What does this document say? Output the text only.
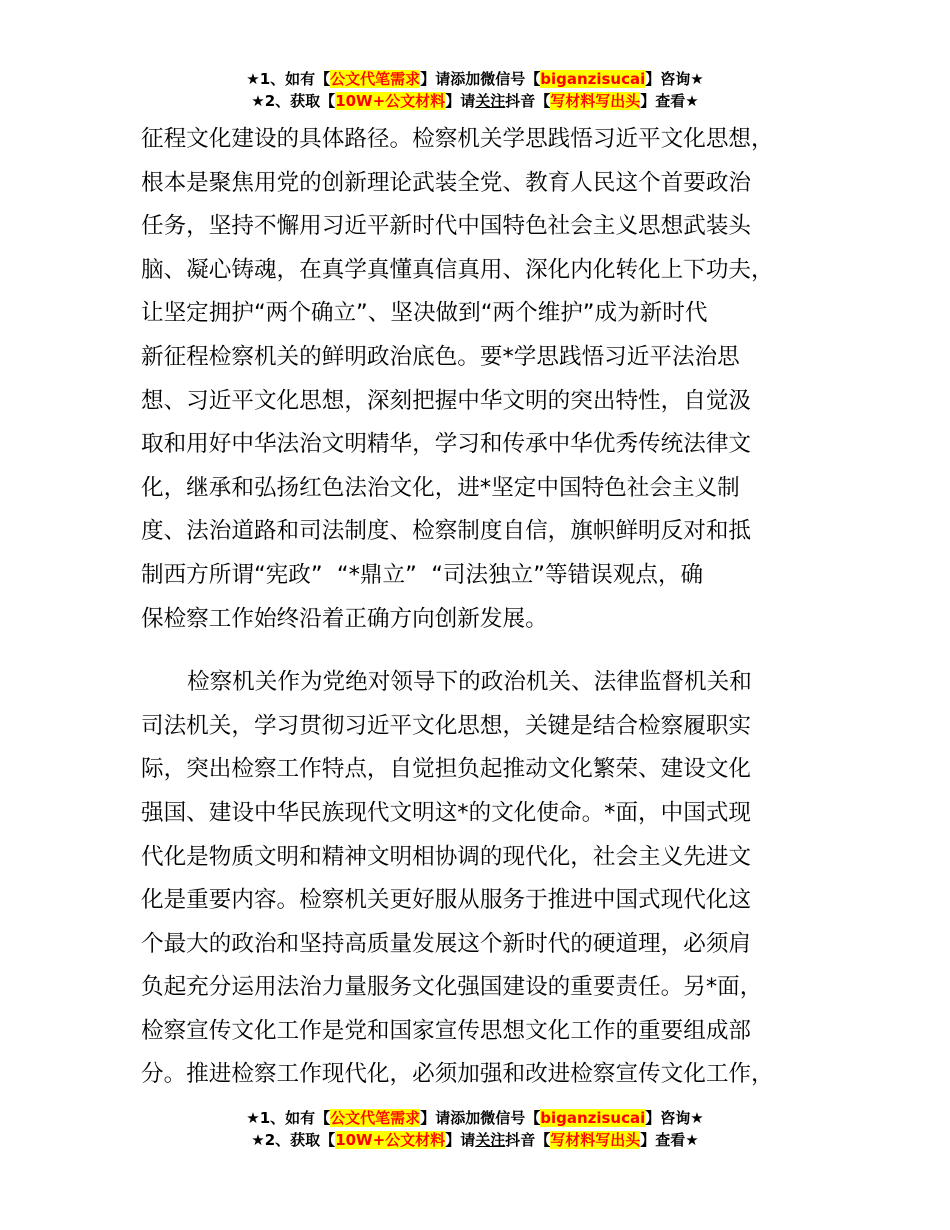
★1、如有【公文代笔需求】请添加微信号【biganzisucai】咨询★
★2、获取【10W+公文材料】请关注抖音【写材料写出头】查看★
征程文化建设的具体路径。检察机关学思践悟习近平文化思想，
根本是聚焦用党的创新理论武装全党、教育人民这个首要政治
任务，坚持不懈用习近平新时代中国特色社会主义思想武装头
脑、凝心铸魂，在真学真懂真信真用、深化内化转化上下功夫，
让坚定拥护“两个确立”、坚决做到“两个维护”成为新时代
新征程检察机关的鲜明政治底色。要*学思践悟习近平法治思
想、习近平文化思想，深刻把握中华文明的突出特性，自觉汲
取和用好中华法治文明精华，学习和传承中华优秀传统法律文
化，继承和弘扬红色法治文化，进*坚定中国特色社会主义制
度、法治道路和司法制度、检察制度自信，旗帜鲜明反对和抵
制西方所谓“宪政”  “*鼎立”  “司法独立”等错误观点，确
保检察工作始终沿着正确方向创新发展。
检察机关作为党绝对领导下的政治机关、法律监督机关和
司法机关，学习贯彻习近平文化思想，关键是结合检察履职实
际，突出检察工作特点，自觉担负起推动文化繁荣、建设文化
强国、建设中华民族现代文明这*的文化使命。*面，中国式现
代化是物质文明和精神文明相协调的现代化，社会主义先进文
化是重要内容。检察机关更好服从服务于推进中国式现代化这
个最大的政治和坚持高质量发展这个新时代的硬道理，必须肩
负起充分运用法治力量服务文化强国建设的重要责任。另*面，
检察宣传文化工作是党和国家宣传思想文化工作的重要组成部
分。推进检察工作现代化，必须加强和改进检察宣传文化工作，
★1、如有【公文代笔需求】请添加微信号【biganzisucai】咨询★
★2、获取【10W+公文材料】请关注抖音【写材料写出头】查看★
